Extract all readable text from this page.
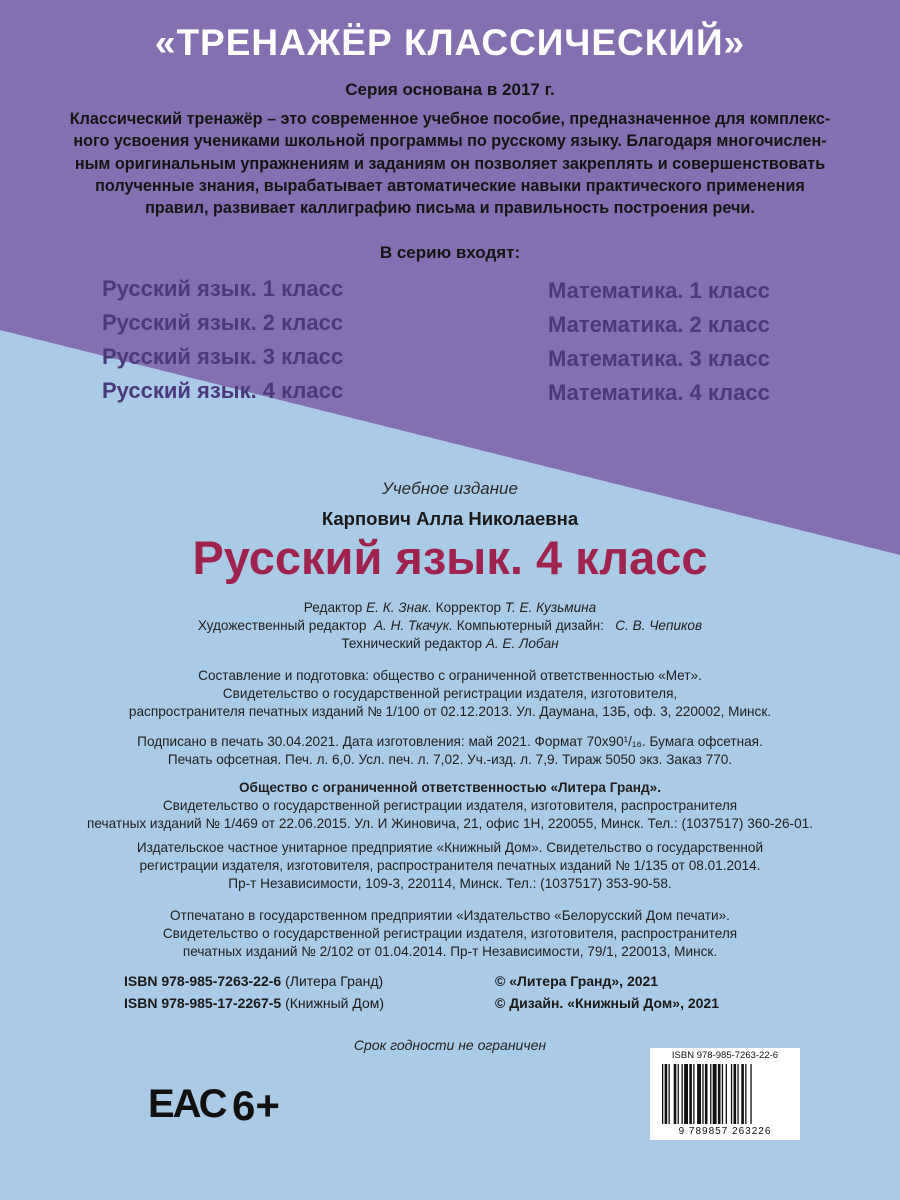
«ТРЕНАЖЁР КЛАССИЧЕСКИЙ»
Серия основана в 2017 г.
Классический тренажёр – это современное учебное пособие, предназначенное для комплекс-
ного усвоения учениками школьной программы по русскому языку. Благодаря многочислен-
ным оригинальным упражнениям и заданиям он позволяет закреплять и совершенствовать
полученные знания, вырабатывает автоматические навыки практического применения
правил, развивает каллиграфию письма и правильность построения речи.
В серию входят:
Русский язык. 1 класс
Русский язык. 2 класс
Русский язык. 3 класс
Русский язык. 4 класс
Математика. 1 класс
Математика. 2 класс
Математика. 3 класс
Математика. 4 класс
Учебное издание
Карпович Алла Николаевна
Русский язык. 4 класс
Редактор Е. К. Знак. Корректор Т. Е. Кузьмина
Художественный редактор А. Н. Ткачук. Компьютерный дизайн: С. В. Чепиков
Технический редактор А. Е. Лобан
Составление и подготовка: общество с ограниченной ответственностью «Мет».
Свидетельство о государственной регистрации издателя, изготовителя,
распространителя печатных изданий № 1/100 от 02.12.2013. Ул. Даумана, 13Б, оф. 3, 220002, Минск.
Подписано в печать 30.04.2021. Дата изготовления: май 2021. Формат 70х90¹/₁₆. Бумага офсетная.
Печать офсетная. Печ. л. 6,0. Усл. печ. л. 7,02. Уч.-изд. л. 7,9. Тираж 5050 экз. Заказ 770.
Общество с ограниченной ответственностью «Литера Гранд».
Свидетельство о государственной регистрации издателя, изготовителя, распространителя
печатных изданий № 1/469 от 22.06.2015. Ул. И Жиновича, 21, офис 1Н, 220055, Минск. Тел.: (1037517) 360-26-01.
Издательское частное унитарное предприятие «Книжный Дом». Свидетельство о государственной
регистрации издателя, изготовителя, распространителя печатных изданий № 1/135 от 08.01.2014.
Пр-т Независимости, 109-3, 220114, Минск. Тел.: (1037517) 353-90-58.
Отпечатано в государственном предприятии «Издательство «Белорусский Дом печати».
Свидетельство о государственной регистрации издателя, изготовителя, распространителя
печатных изданий № 2/102 от 01.04.2014. Пр-т Независимости, 79/1, 220013, Минск.
ISBN 978-985-7263-22-6 (Литера Гранд)
ISBN 978-985-17-2267-5 (Книжный Дом)
© «Литера Гранд», 2021
© Дизайн. «Книжный Дом», 2021
Срок годности не ограничен
ЕАС 6+
ISBN 978-985-7263-22-6
9 789857 263226
